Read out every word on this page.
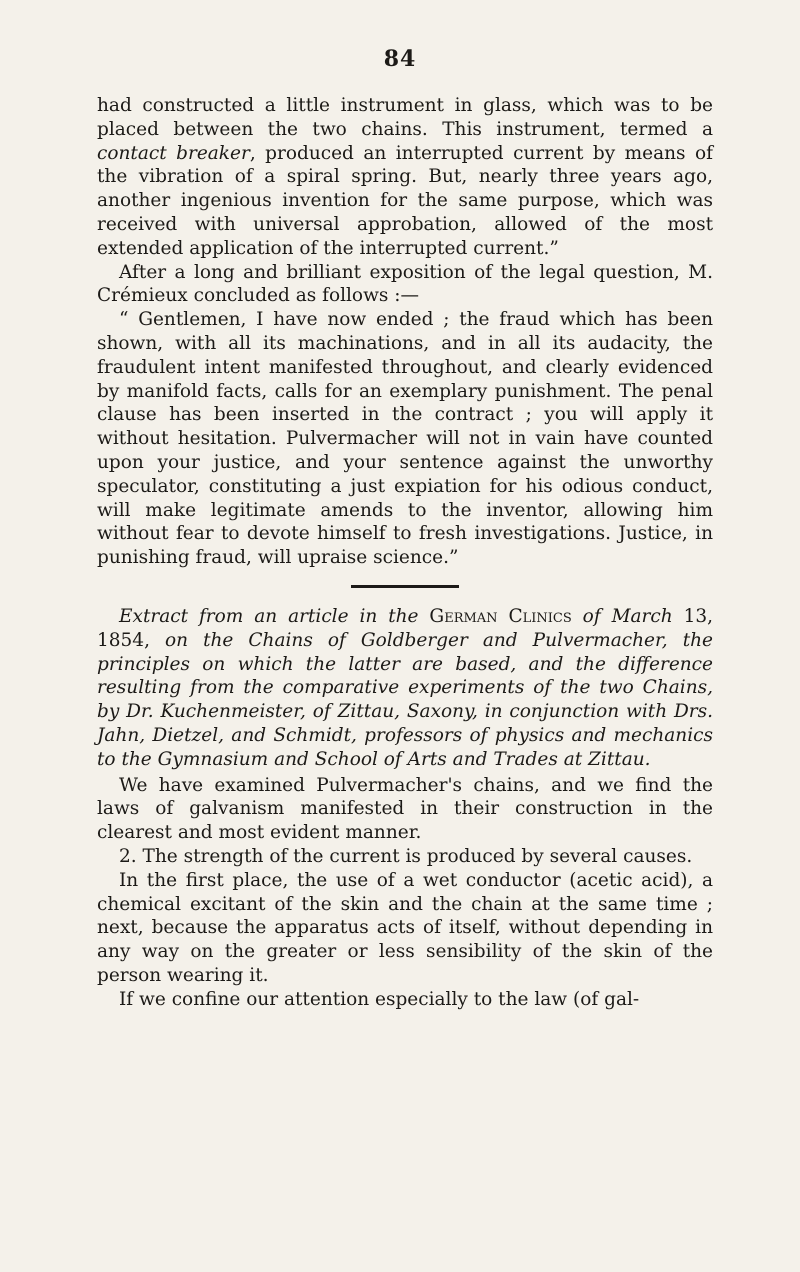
84

had constructed a little instrument in glass, which was to be placed between the two chains. This instrument, termed a contact breaker, produced an interrupted current by means of the vibration of a spiral spring. But, nearly three years ago, another ingenious invention for the same purpose, which was received with universal approbation, allowed of the most extended application of the interrupted current.”

After a long and brilliant exposition of the legal question, M. Crémieux concluded as follows :—

“ Gentlemen, I have now ended ; the fraud which has been shown, with all its machinations, and in all its audacity, the fraudulent intent manifested throughout, and clearly evidenced by manifold facts, calls for an exemplary punishment. The penal clause has been inserted in the contract ; you will apply it without hesitation. Pulvermacher will not in vain have counted upon your justice, and your sentence against the unworthy speculator, constituting a just expiation for his odious conduct, will make legitimate amends to the inventor, allowing him without fear to devote himself to fresh investigations. Justice, in punishing fraud, will upraise science.”

Extract from an article in the German Clinics of March 13, 1854, on the Chains of Goldberger and Pulvermacher, the principles on which the latter are based, and the difference resulting from the comparative experiments of the two Chains, by Dr. Kuchenmeister, of Zittau, Saxony, in conjunction with Drs. Jahn, Dietzel, and Schmidt, professors of physics and mechanics to the Gymnasium and School of Arts and Trades at Zittau.

We have examined Pulvermacher's chains, and we find the laws of galvanism manifested in their construction in the clearest and most evident manner.

2. The strength of the current is produced by several causes.

In the first place, the use of a wet conductor (acetic acid), a chemical excitant of the skin and the chain at the same time ; next, because the apparatus acts of itself, without depending in any way on the greater or less sensibility of the skin of the person wearing it.

If we confine our attention especially to the law (of gal-
